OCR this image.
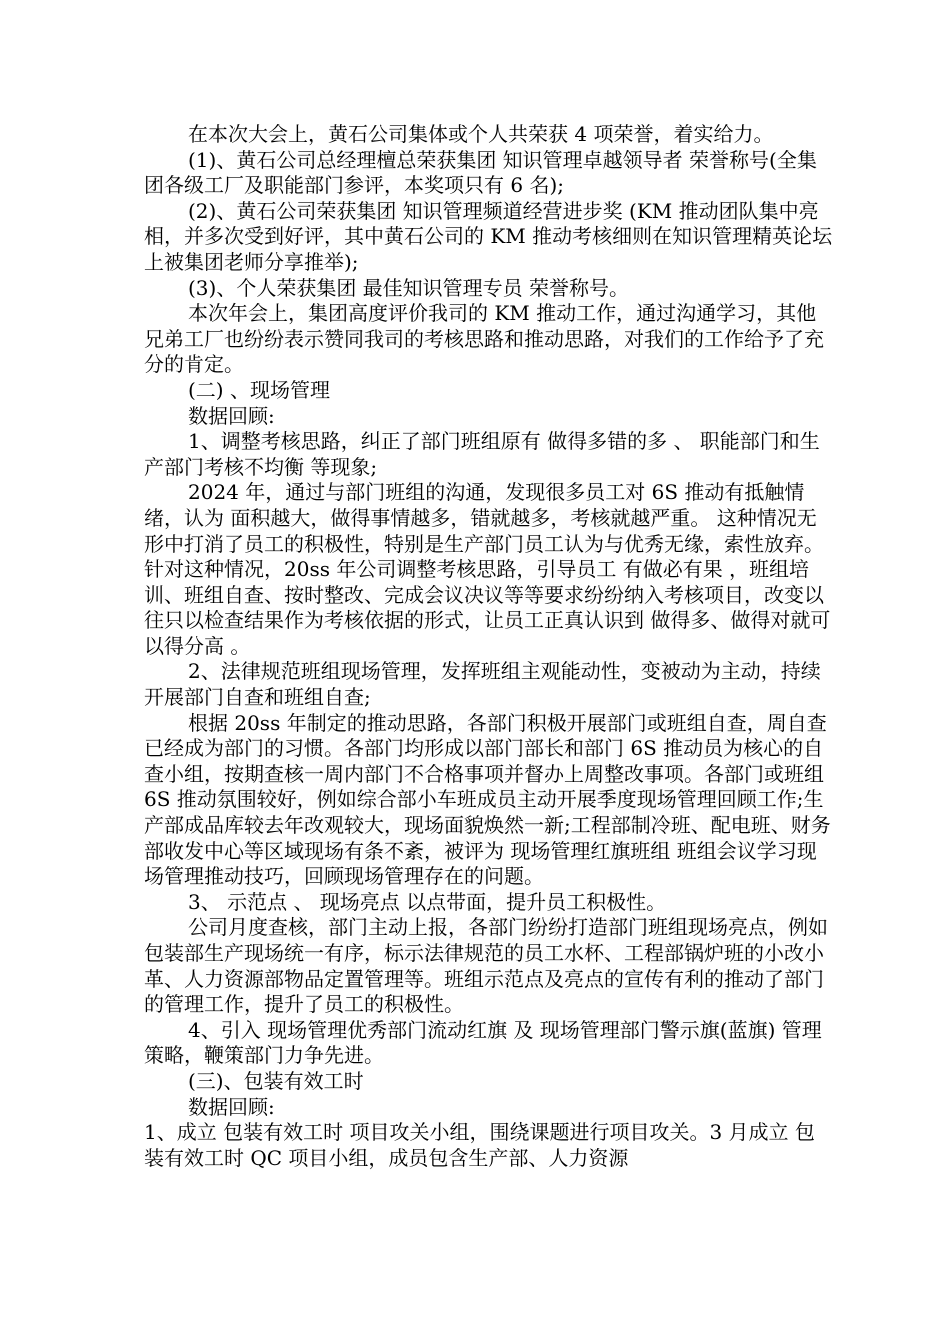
在本次大会上，黄石公司集体或个人共荣获 4 项荣誉，着实给力。

(1)、黄石公司总经理檀总荣获集团 知识管理卓越领导者 荣誉称号(全集团各级工厂及职能部门参评，本奖项只有 6 名);

(2)、黄石公司荣获集团 知识管理频道经营进步奖 (KM 推动团队集中亮相，并多次受到好评，其中黄石公司的 KM 推动考核细则在知识管理精英论坛上被集团老师分享推举);

(3)、个人荣获集团 最佳知识管理专员 荣誉称号。

本次年会上，集团高度评价我司的 KM 推动工作，通过沟通学习，其他兄弟工厂也纷纷表示赞同我司的考核思路和推动思路，对我们的工作给予了充分的肯定。

(二) 、现场管理

数据回顾:

1、调整考核思路，纠正了部门班组原有 做得多错的多 、 职能部门和生产部门考核不均衡 等现象;

2024 年，通过与部门班组的沟通，发现很多员工对 6S 推动有抵触情绪，认为 面积越大，做得事情越多，错就越多，考核就越严重。 这种情况无形中打消了员工的积极性，特别是生产部门员工认为与优秀无缘，索性放弃。针对这种情况，20ss 年公司调整考核思路，引导员工 有做必有果 ，班组培训、班组自查、按时整改、完成会议决议等等要求纷纷纳入考核项目，改变以往只以检查结果作为考核依据的形式，让员工正真认识到 做得多、做得对就可以得分高 。

2、法律规范班组现场管理，发挥班组主观能动性，变被动为主动，持续开展部门自查和班组自查;

根据 20ss 年制定的推动思路，各部门积极开展部门或班组自查，周自查已经成为部门的习惯。各部门均形成以部门部长和部门 6S 推动员为核心的自查小组，按期查核一周内部门不合格事项并督办上周整改事项。各部门或班组 6S 推动氛围较好，例如综合部小车班成员主动开展季度现场管理回顾工作;生产部成品库较去年改观较大，现场面貌焕然一新;工程部制冷班、配电班、财务部收发中心等区域现场有条不紊，被评为 现场管理红旗班组 班组会议学习现场管理推动技巧，回顾现场管理存在的问题。

3、 示范点 、 现场亮点 以点带面，提升员工积极性。

公司月度查核，部门主动上报，各部门纷纷打造部门班组现场亮点，例如包装部生产现场统一有序，标示法律规范的员工水杯、工程部锅炉班的小改小革、人力资源部物品定置管理等。班组示范点及亮点的宣传有利的推动了部门的管理工作，提升了员工的积极性。

4、引入 现场管理优秀部门流动红旗 及 现场管理部门警示旗(蓝旗) 管理策略，鞭策部门力争先进。

(三)、包装有效工时

数据回顾:

1、成立 包装有效工时 项目攻关小组，围绕课题进行项目攻关。3 月成立 包装有效工时 QC 项目小组，成员包含生产部、人力资源
